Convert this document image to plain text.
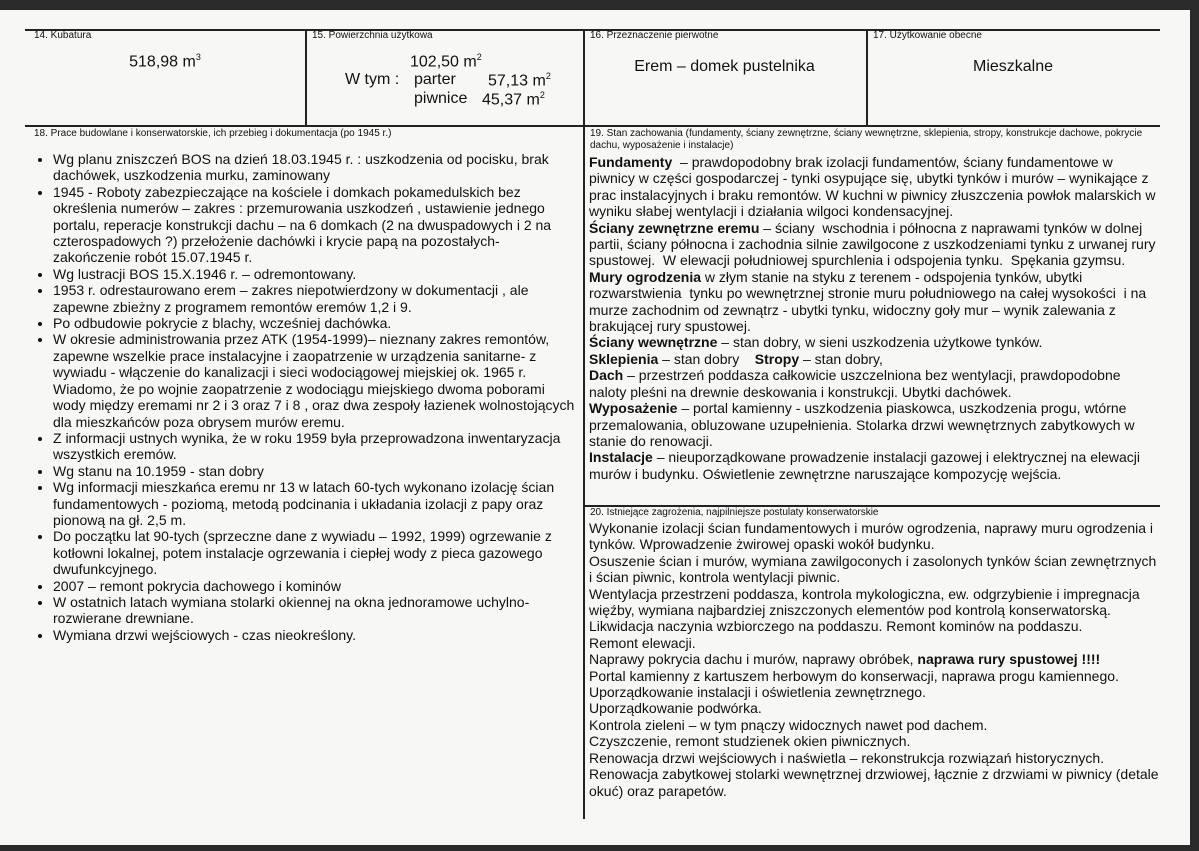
14. Kubatura
518,98 $m^3$
15. Powierzchnia użytkowa
102,50 $m^2$
W tym : parter 57,13 $m^2$
piwnice 45,37 $m^2$
16. Przeznaczenie pierwotne
Erem – domek pustelnika
17. Użytkowanie obecne
Mieszkalne
18. Prace budowlane i konserwatorskie, ich przebieg i dokumentacja (po 1945 r.)
• Wg planu zniszczeń BOS na dzień 18.03.1945 r. : uszkodzenia od pocisku, brak dachówek, uszkodzenia murku, zaminowany
• 1945 - Roboty zabezpieczające na kościele i domkach pokamedulskich bez określenia numerów – zakres : przemurowania uszkodzeń , ustawienie jednego portalu, reperacje konstrukcji dachu – na 6 domkach (2 na dwuspadowych i 2 na czterospadowych ?) przełożenie dachówki i krycie papą na pozostałych- zakończenie robót 15.07.1945 r.
• Wg lustracji BOS 15.X.1946 r. – odremontowany.
• 1953 r. odrestaurowano erem – zakres niepotwierdzony w dokumentacji , ale zapewne zbieżny z programem remontów eremów 1,2 i 9.
• Po odbudowie pokrycie z blachy, wcześniej dachówka.
• W okresie administrowania przez ATK (1954-1999)– nieznany zakres remontów, zapewne wszelkie prace instalacyjne i zaopatrzenie w urządzenia sanitarne- z wywiadu - włączenie do kanalizacji i sieci wodociągowej miejskiej ok. 1965 r. Wiadomo, że po wojnie zaopatrzenie z wodociągu miejskiego dwoma poborami wody między eremami nr 2 i 3 oraz 7 i 8 , oraz dwa zespoły łazienek wolnostojących dla mieszkańców poza obrysem murów eremu.
• Z informacji ustnych wynika, że w roku 1959 była przeprowadzona inwentaryzacja wszystkich eremów.
• Wg stanu na 10.1959 - stan dobry
• Wg informacji mieszkańca eremu nr 13 w latach 60-tych wykonano izolację ścian fundamentowych - poziomą, metodą podcinania i układania izolacji z papy oraz pionową na gł. 2,5 m.
• Do początku lat 90-tych (sprzeczne dane z wywiadu – 1992, 1999) ogrzewanie z kotłowni lokalnej, potem instalacje ogrzewania i ciepłej wody z pieca gazowego dwufunkcyjnego.
• 2007 – remont pokrycia dachowego i kominów
• W ostatnich latach wymiana stolarki okiennej na okna jednoramowe uchylno-rozwierane drewniane.
• Wymiana drzwi wejściowych - czas nieokreślony.
19. Stan zachowania (fundamenty, ściany zewnętrzne, ściany wewnętrzne, sklepienia, stropy, konstrukcje dachowe, pokrycie dachu, wyposażenie i instalacje)

Fundamenty  – prawdopodobny brak izolacji fundamentów, ściany fundamentowe w piwnicy w części gospodarczej - tynki osypujące się, ubytki tynków i murów – wynikające z prac instalacyjnych i braku remontów. W kuchni w piwnicy złuszczenia powłok malarskich w wyniku słabej wentylacji i działania wilgoci kondensacyjnej.

Ściany zewnętrzne eremu – ściany  wschodnia i północna z naprawami tynków w dolnej partii, ściany północna i zachodnia silnie zawilgocone z uszkodzeniami tynku z urwanej rury spustowej.  W elewacji południowej spurchlenia i odspojenia tynku.  Spękania gzymsu.

Mury ogrodzenia w złym stanie na styku z terenem - odspojenia tynków, ubytki rozwarstwienia  tynku po wewnętrznej stronie muru południowego na całej wysokości  i na murze zachodnim od zewnątrz - ubytki tynku, widoczny goły mur – wynik zalewania z brakującej rury spustowej.

Ściany wewnętrzne – stan dobry, w sieni uszkodzenia użytkowe tynków.

Sklepienia – stan dobry    Stropy – stan dobry,

Dach – przestrzeń poddasza całkowicie uszczelniona bez wentylacji, prawdopodobne naloty pleśni na drewnie deskowania i konstrukcji. Ubytki dachówek.

Wyposażenie – portal kamienny - uszkodzenia piaskowca, uszkodzenia progu, wtórne przemalowania, obluzowane uzupełnienia. Stolarka drzwi wewnętrznych zabytkowych w stanie do renowacji.

Instalacje – nieuporządkowane prowadzenie instalacji gazowej i elektrycznej na elewacji murów i budynku. Oświetlenie zewnętrzne naruszające kompozycję wejścia.

20. Istniejące zagrożenia, najpilniejsze postulaty konserwatorskie

Wykonanie izolacji ścian fundamentowych i murów ogrodzenia, naprawy muru ogrodzenia i tynków. Wprowadzenie żwirowej opaski wokół budynku.

Osuszenie ścian i murów, wymiana zawilgoconych i zasolonych tynków ścian zewnętrznych i ścian piwnic, kontrola wentylacji piwnic.

Wentylacja przestrzeni poddasza, kontrola mykologiczna, ew. odgrzybienie i impregnacja więźby, wymiana najbardziej zniszczonych elementów pod kontrolą konserwatorską.

Likwidacja naczynia wzbiorczego na poddaszu. Remont kominów na poddaszu.

Remont elewacji.

Naprawy pokrycia dachu i murów, naprawy obróbek, naprawa rury spustowej !!!!

Portal kamienny z kartuszem herbowym do konserwacji, naprawa progu kamiennego.

Uporządkowanie instalacji i oświetlenia zewnętrznego.

Uporządkowanie podwórka.

Kontrola zieleni – w tym pnączy widocznych nawet pod dachem.

Czyszczenie, remont studzienek okien piwnicznych.

Renowacja drzwi wejściowych i naświetla – rekonstrukcja rozwiązań historycznych.

Renowacja zabytkowej stolarki wewnętrznej drzwiowej, łącznie z drzwiami w piwnicy (detale okuć) oraz parapetów.
